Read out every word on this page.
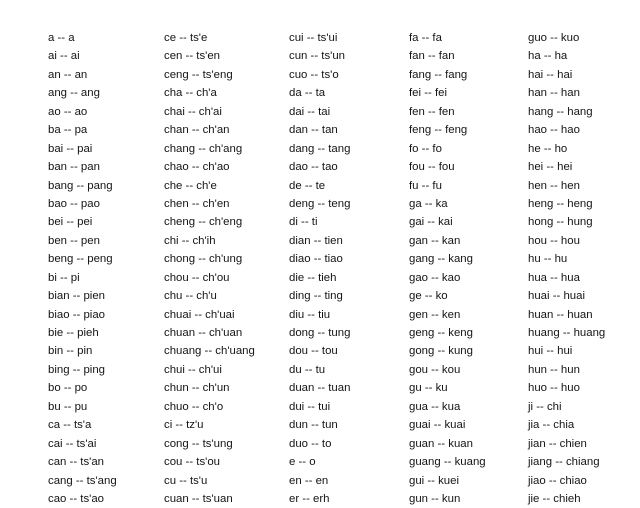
a -- a
ai -- ai
an -- an
ang -- ang
ao -- ao
ba -- pa
bai -- pai
ban -- pan
bang -- pang
bao -- pao
bei -- pei
ben -- pen
beng -- peng
bi -- pi
bian -- pien
biao -- piao
bie -- pieh
bin -- pin
bing -- ping
bo -- po
bu -- pu
ca -- ts'a
cai -- ts'ai
can -- ts'an
cang -- ts'ang
cao -- ts'ao
ce -- ts'e
cen -- ts'en
ceng -- ts'eng
cha -- ch'a
chai -- ch'ai
chan -- ch'an
chang -- ch'ang
chao -- ch'ao
che -- ch'e
chen -- ch'en
cheng -- ch'eng
chi -- ch'ih
chong -- ch'ung
chou -- ch'ou
chu -- ch'u
chuai -- ch'uai
chuan -- ch'uan
chuang -- ch'uang
chui -- ch'ui
chun -- ch'un
chuo -- ch'o
ci -- tz'u
cong -- ts'ung
cou -- ts'ou
cu -- ts'u
cuan -- ts'uan
cui -- ts'ui
cun -- ts'un
cuo -- ts'o
da -- ta
dai -- tai
dan -- tan
dang -- tang
dao -- tao
de -- te
deng -- teng
di -- ti
dian -- tien
diao -- tiao
die -- tieh
ding -- ting
diu -- tiu
dong -- tung
dou -- tou
du -- tu
duan -- tuan
dui -- tui
dun -- tun
duo -- to
e -- o
en -- en
er -- erh
fa -- fa
fan -- fan
fang -- fang
fei -- fei
fen -- fen
feng -- feng
fo -- fo
fou -- fou
fu -- fu
ga -- ka
gai -- kai
gan -- kan
gang -- kang
gao -- kao
ge -- ko
gen -- ken
geng -- keng
gong -- kung
gou -- kou
gu -- ku
gua -- kua
guai -- kuai
guan -- kuan
guang -- kuang
gui -- kuei
gun -- kun
guo -- kuo
ha -- ha
hai -- hai
han -- han
hang -- hang
hao -- hao
he -- ho
hei -- hei
hen -- hen
heng -- heng
hong -- hung
hou -- hou
hu -- hu
hua -- hua
huai -- huai
huan -- huan
huang -- huang
hui -- hui
hun -- hun
huo -- huo
ji -- chi
jia -- chia
jian -- chien
jiang -- chiang
jiao -- chiao
jie -- chieh
